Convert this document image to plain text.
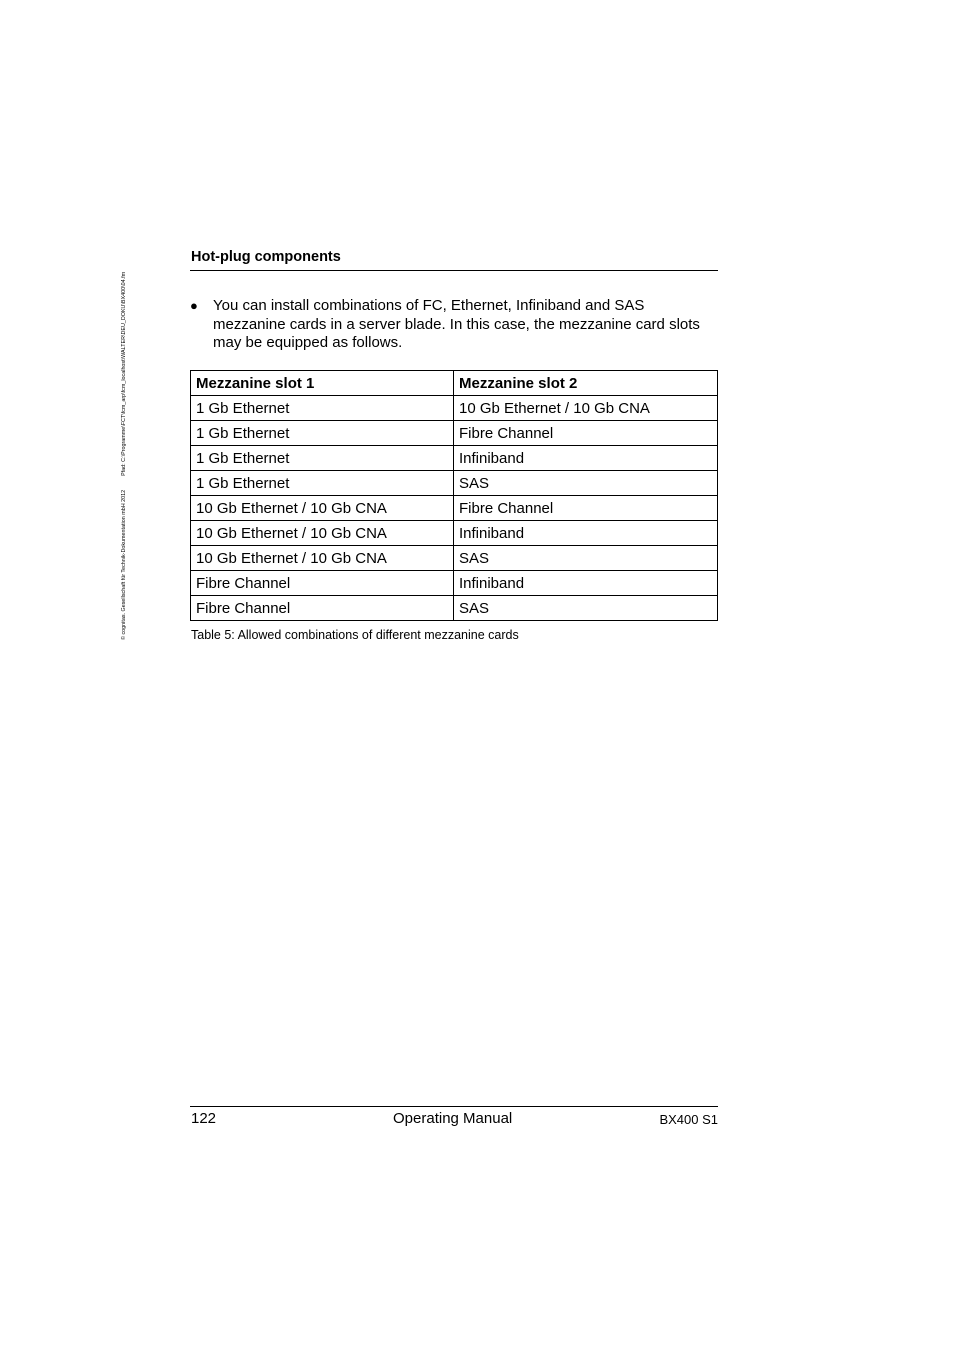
© cognitas. Gesellschaft für Technik-Dokumentation mbH 2012
Pfad: C:\Programme\FCT\fcm_arp\fcm_localhost\WALTER\DEU_DOKU\BX400\04.fm
Hot-plug components
● You can install combinations of FC, Ethernet, Infiniband and SAS mezzanine cards in a server blade. In this case, the mezzanine card slots may be equipped as follows.
Mezzanine slot 1	Mezzanine slot 2
1 Gb Ethernet	10 Gb Ethernet / 10 Gb CNA
1 Gb Ethernet	Fibre Channel
1 Gb Ethernet	Infiniband
1 Gb Ethernet	SAS
10 Gb Ethernet / 10 Gb CNA	Fibre Channel
10 Gb Ethernet / 10 Gb CNA	Infiniband
10 Gb Ethernet / 10 Gb CNA	SAS
Fibre Channel	Infiniband
Fibre Channel	SAS
Table 5: Allowed combinations of different mezzanine cards
122	Operating Manual	BX400 S1
